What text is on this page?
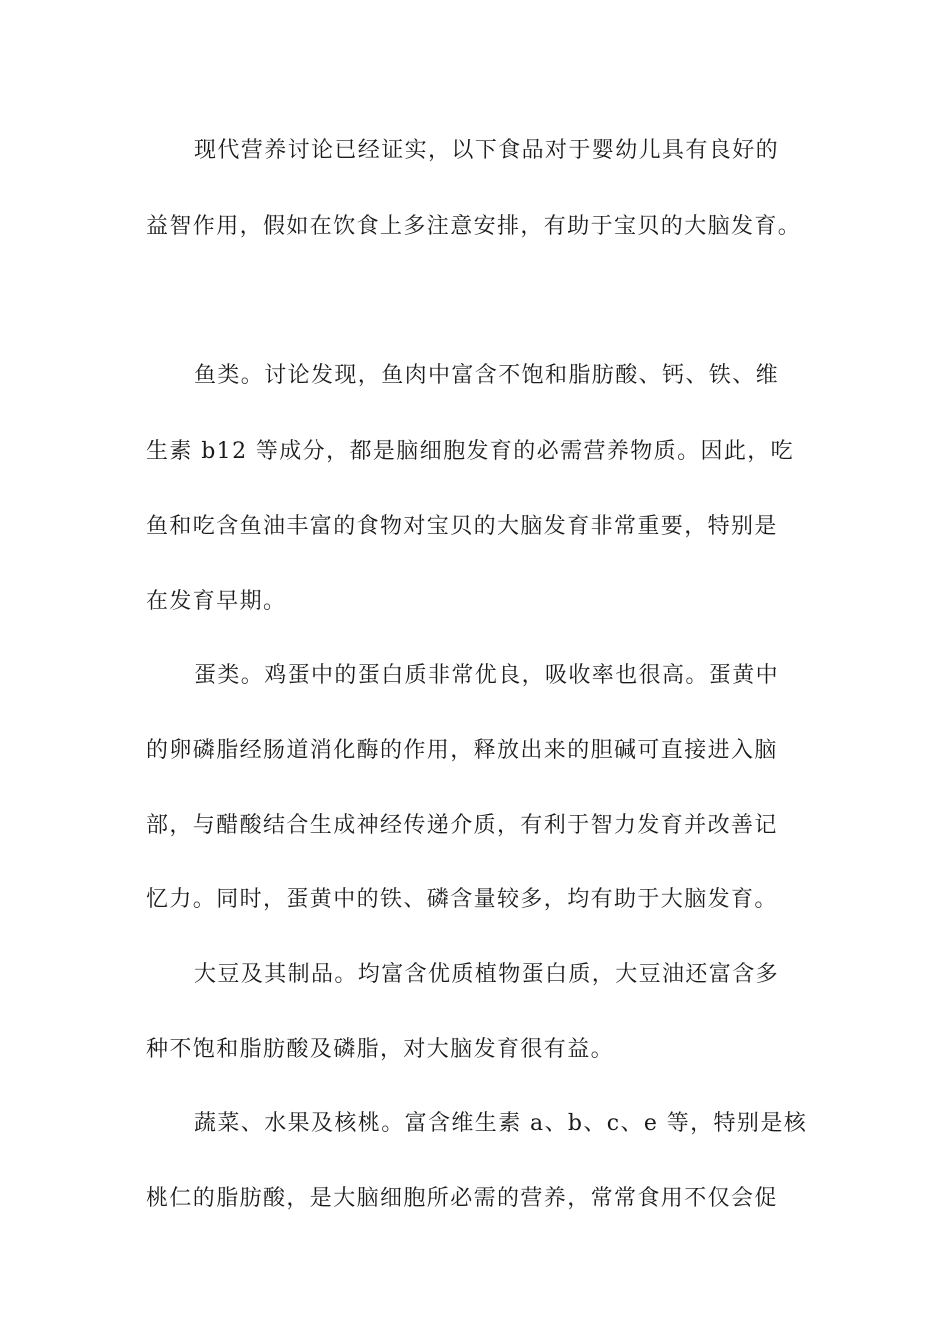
现代营养讨论已经证实，以下食品对于婴幼儿具有良好的
益智作用，假如在饮食上多注意安排，有助于宝贝的大脑发育。
鱼类。讨论发现，鱼肉中富含不饱和脂肪酸、钙、铁、维
生素 b12 等成分，都是脑细胞发育的必需营养物质。因此，吃
鱼和吃含鱼油丰富的食物对宝贝的大脑发育非常重要，特别是
在发育早期。
蛋类。鸡蛋中的蛋白质非常优良，吸收率也很高。蛋黄中
的卵磷脂经肠道消化酶的作用，释放出来的胆碱可直接进入脑
部，与醋酸结合生成神经传递介质，有利于智力发育并改善记
忆力。同时，蛋黄中的铁、磷含量较多，均有助于大脑发育。
大豆及其制品。均富含优质植物蛋白质，大豆油还富含多
种不饱和脂肪酸及磷脂，对大脑发育很有益。
蔬菜、水果及核桃。富含维生素 a、b、c、e 等，特别是核
桃仁的脂肪酸，是大脑细胞所必需的营养，常常食用不仅会促
